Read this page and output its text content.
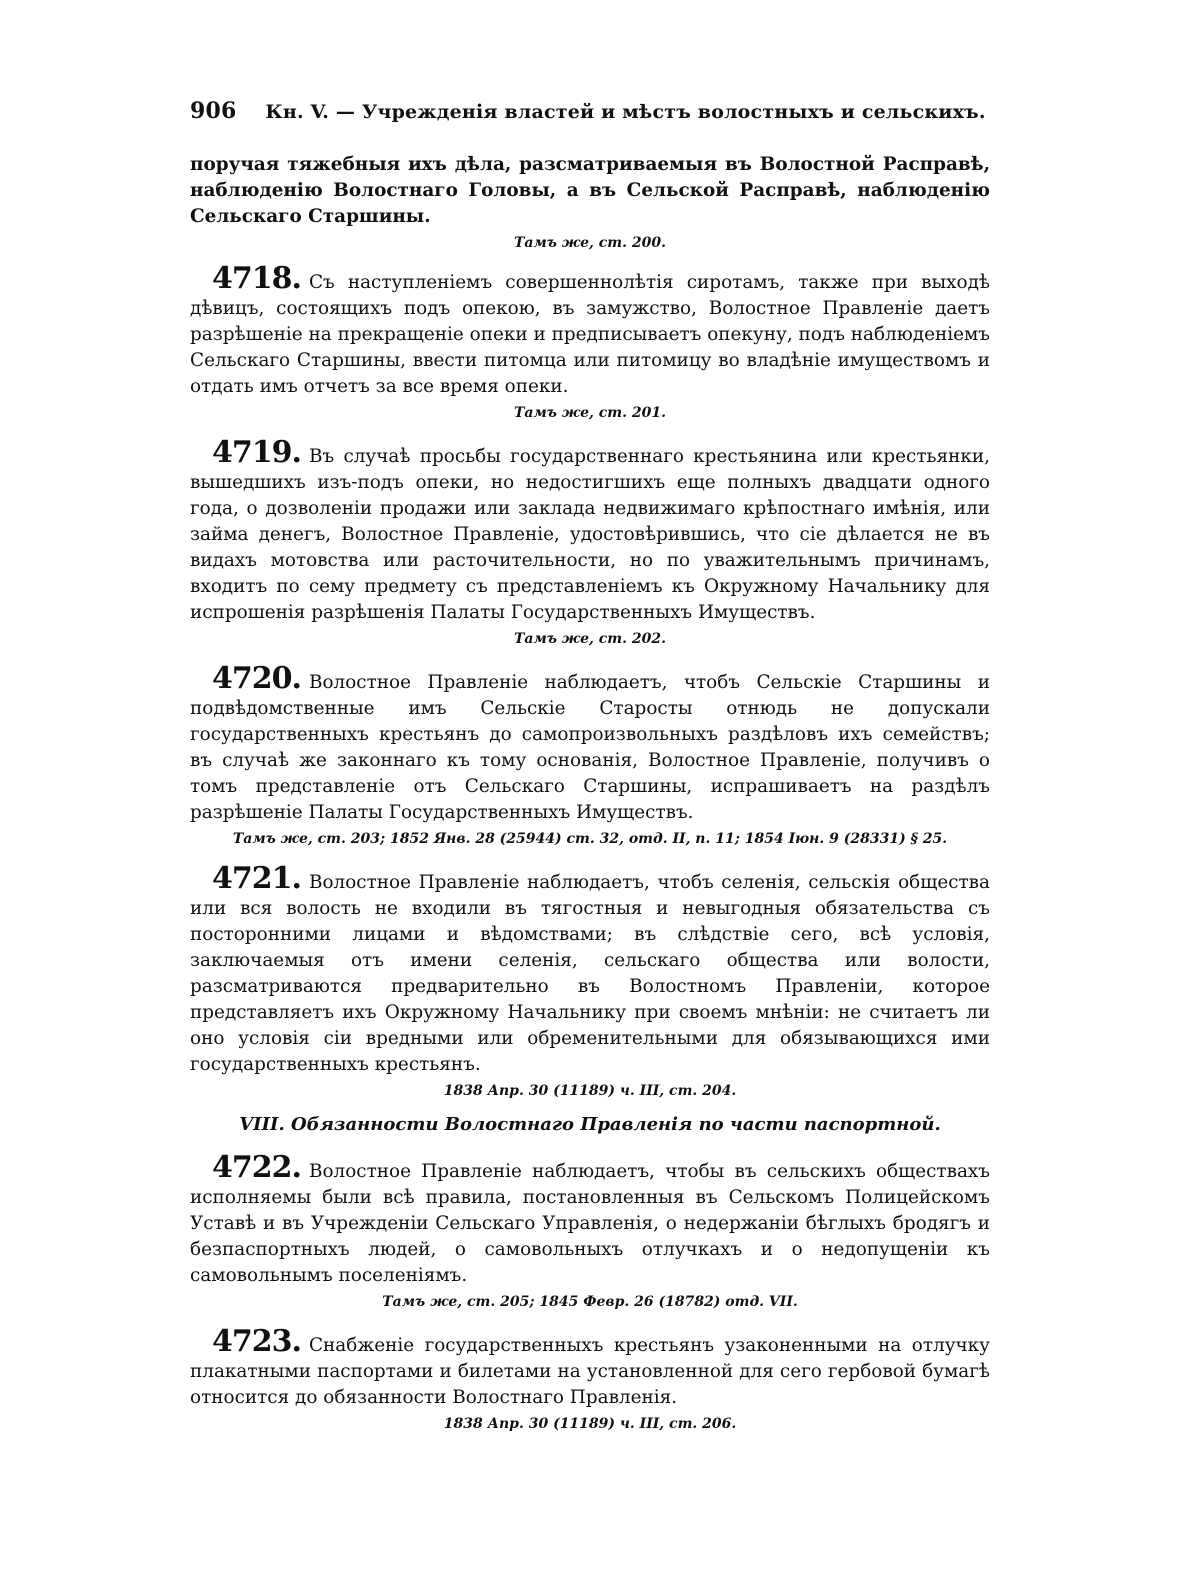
906 Кн. V. — Учрежденія властей и мѣстъ волостныхъ и сельскихъ.

поручая тяжебныя ихъ дѣла, разсматриваемыя въ Волостной Расправѣ, наблюденію Волостнаго Головы, а въ Сельской Расправѣ, наблюденію Сельскаго Старшины.

Тамъ же, ст. 200.

4718. Съ наступленіемъ совершеннолѣтія сиротамъ, также при выходѣ дѣвицъ, состоящихъ подъ опекою, въ замужство, Волостное Правленіе даетъ разрѣшеніе на прекращеніе опеки и предписываетъ опекуну, подъ наблюденіемъ Сельскаго Старшины, ввести питомца или питомицу во владѣніе имуществомъ и отдать имъ отчетъ за все время опеки.

Тамъ же, ст. 201.

4719. Въ случаѣ просьбы государственнаго крестьянина или крестьянки, вышедшихъ изъ-подъ опеки, но недостигшихъ еще полныхъ двадцати одного года, о дозволеніи продажи или заклада недвижимаго крѣпостнаго имѣнія, или займа денегъ, Волостное Правленіе, удостовѣрившись, что сіе дѣлается не въ видахъ мотовства или расточительности, но по уважительнымъ причинамъ, входитъ по сему предмету съ представленіемъ къ Окружному Начальнику для испрошенія разрѣшенія Палаты Государственныхъ Имуществъ.

Тамъ же, ст. 202.

4720. Волостное Правленіе наблюдаетъ, чтобъ Сельскіе Старшины и подвѣдомственные имъ Сельскіе Старосты отнюдь не допускали государственныхъ крестьянъ до самопроизвольныхъ раздѣловъ ихъ семействъ; въ случаѣ же законнаго къ тому основанія, Волостное Правленіе, получивъ о томъ представленіе отъ Сельскаго Старшины, испрашиваетъ на раздѣлъ разрѣшеніе Палаты Государственныхъ Имуществъ.

Тамъ же, ст. 203; 1852 Янв. 28 (25944) ст. 32, отд. II, п. 11; 1854 Іюн. 9 (28331) § 25.

4721. Волостное Правленіе наблюдаетъ, чтобъ селенія, сельскія общества или вся волость не входили въ тягостныя и невыгодныя обязательства съ посторонними лицами и вѣдомствами; въ слѣдствіе сего, всѣ условія, заключаемыя отъ имени селенія, сельскаго общества или волости, разсматриваются предварительно въ Волостномъ Правленіи, которое представляетъ ихъ Окружному Начальнику при своемъ мнѣніи: не считаетъ ли оно условія сіи вредными или обременительными для обязывающихся ими государственныхъ крестьянъ.

1838 Апр. 30 (11189) ч. III, ст. 204.
VIII. Обязанности Волостнаго Правленія по части паспортной.

4722. Волостное Правленіе наблюдаетъ, чтобы въ сельскихъ обществахъ исполняемы были всѣ правила, постановленныя въ Сельскомъ Полицейскомъ Уставѣ и въ Учрежденіи Сельскаго Управленія, о недержаніи бѣглыхъ бродягъ и безпаспортныхъ людей, о самовольныхъ отлучкахъ и о недопущеніи къ самовольнымъ поселеніямъ.

Тамъ же, ст. 205; 1845 Февр. 26 (18782) отд. VII.

4723. Снабженіе государственныхъ крестьянъ узаконенными на отлучку плакатными паспортами и билетами на установленной для сего гербовой бумагѣ относится до обязанности Волостнаго Правленія.

1838 Апр. 30 (11189) ч. III, ст. 206.
